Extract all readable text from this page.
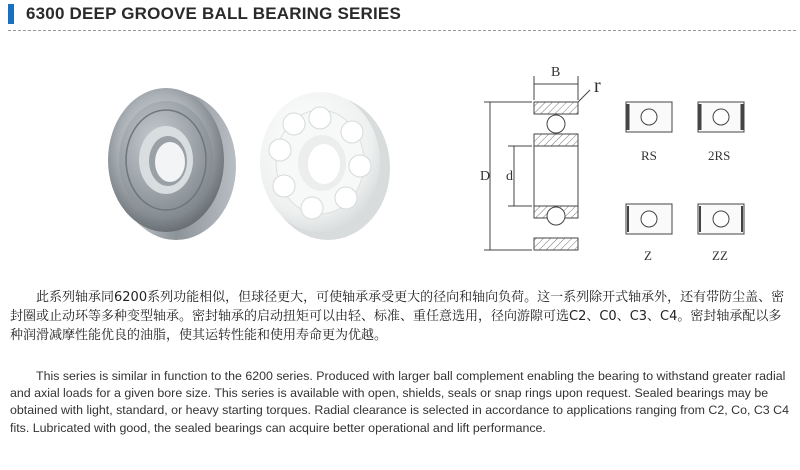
6300 DEEP GROOVE BALL BEARING SERIES
B
r
D d
RS	2RS
Z	ZZ
此系列轴承同6200系列功能相似，但球径更大，可使轴承承受更大的径向和轴向负荷。这一系列除开式轴承外，还有带防尘盖、密封圈或止动环等多种变型轴承。密封轴承的启动扭矩可以由轻、标准、重任意选用，径向游隙可选C2、C0、C3、C4。密封轴承配以多种润滑减摩性能优良的油脂，使其运转性能和使用寿命更为优越。
This series is similar in function to the 6200 series. Produced with larger ball complement enabling the bearing to withstand greater radial and axial loads for a given bore size. This series is available with open, shields, seals or snap rings upon request. Sealed bearings may be obtained with light, standard, or heavy starting torques. Radial clearance is selected in accordance to applications ranging from C2, Co, C3 C4 fits. Lubricated with good, the sealed bearings can acquire better operational and lift performance.
